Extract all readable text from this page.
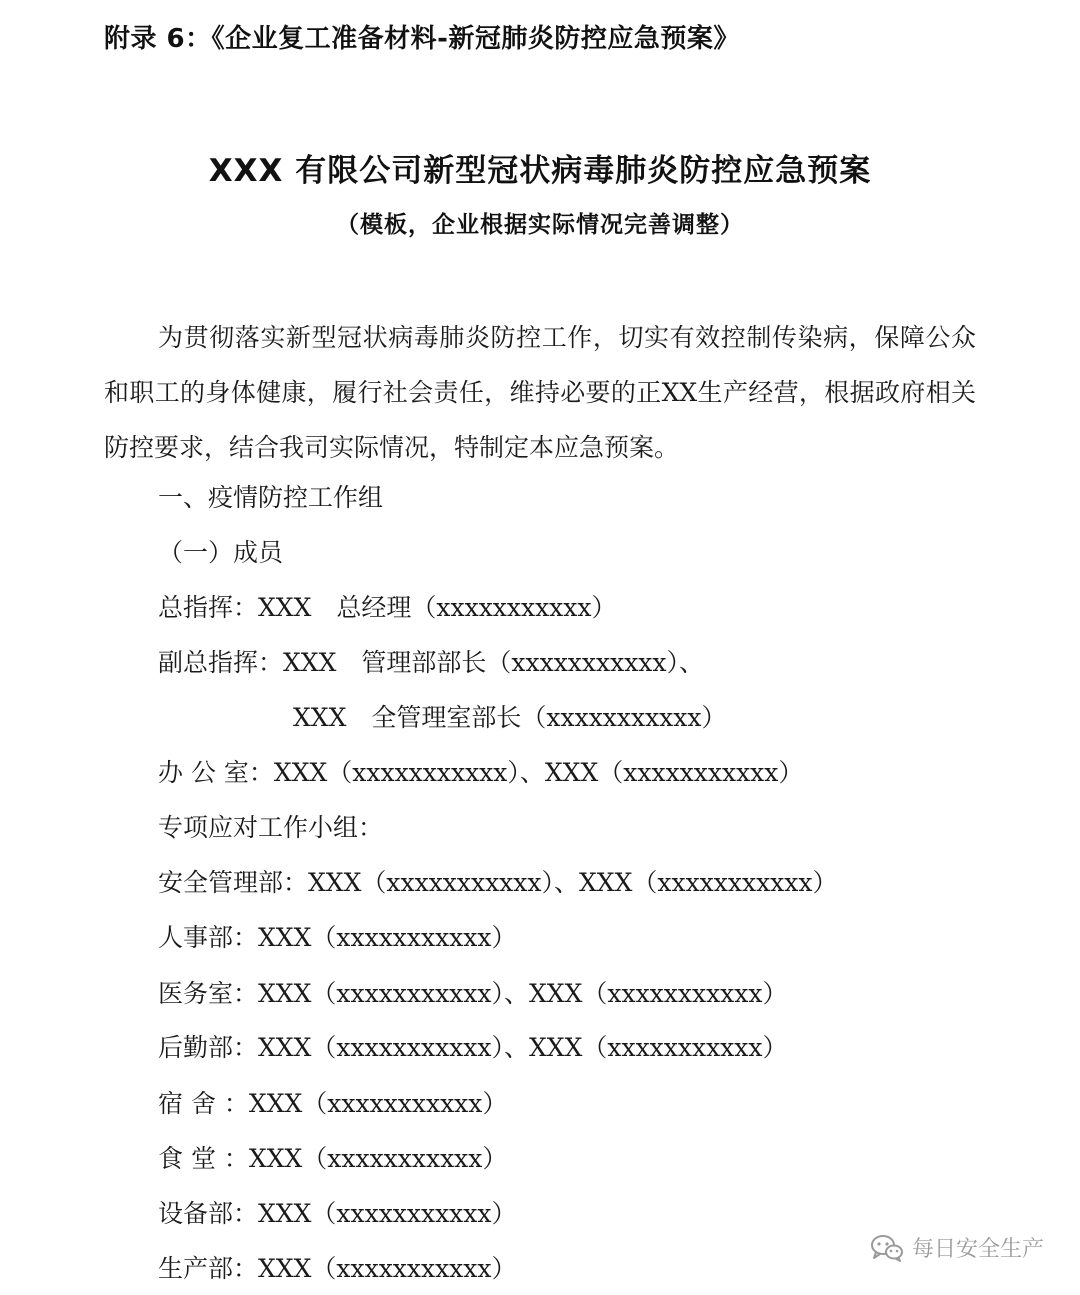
附录 6：《企业复工准备材料-新冠肺炎防控应急预案》
XXX 有限公司新型冠状病毒肺炎防控应急预案
（模板，企业根据实际情况完善调整）

为贯彻落实新型冠状病毒肺炎防控工作，切实有效控制传染病，保障公众和职工的身体健康，履行社会责任，维持必要的正XX生产经营，根据政府相关防控要求，结合我司实际情况，特制定本应急预案。

一、疫情防控工作组
（一）成员
总指挥：XXX　总经理（xxxxxxxxxxx）
副总指挥：XXX　管理部部长（xxxxxxxxxxx）、
XXX　全管理室部长（xxxxxxxxxxx）
办 公 室：XXX（xxxxxxxxxxx）、XXX（xxxxxxxxxxx）
专项应对工作小组：
安全管理部：XXX（xxxxxxxxxxx）、XXX（xxxxxxxxxxx）
人事部：XXX（xxxxxxxxxxx）
医务室：XXX（xxxxxxxxxxx）、XXX（xxxxxxxxxxx）
后勤部：XXX（xxxxxxxxxxx）、XXX（xxxxxxxxxxx）
宿 舍 ：XXX（xxxxxxxxxxx）
食 堂 ：XXX（xxxxxxxxxxx）
设备部：XXX（xxxxxxxxxxx）
生产部：XXX（xxxxxxxxxxx）
每日安全生产
